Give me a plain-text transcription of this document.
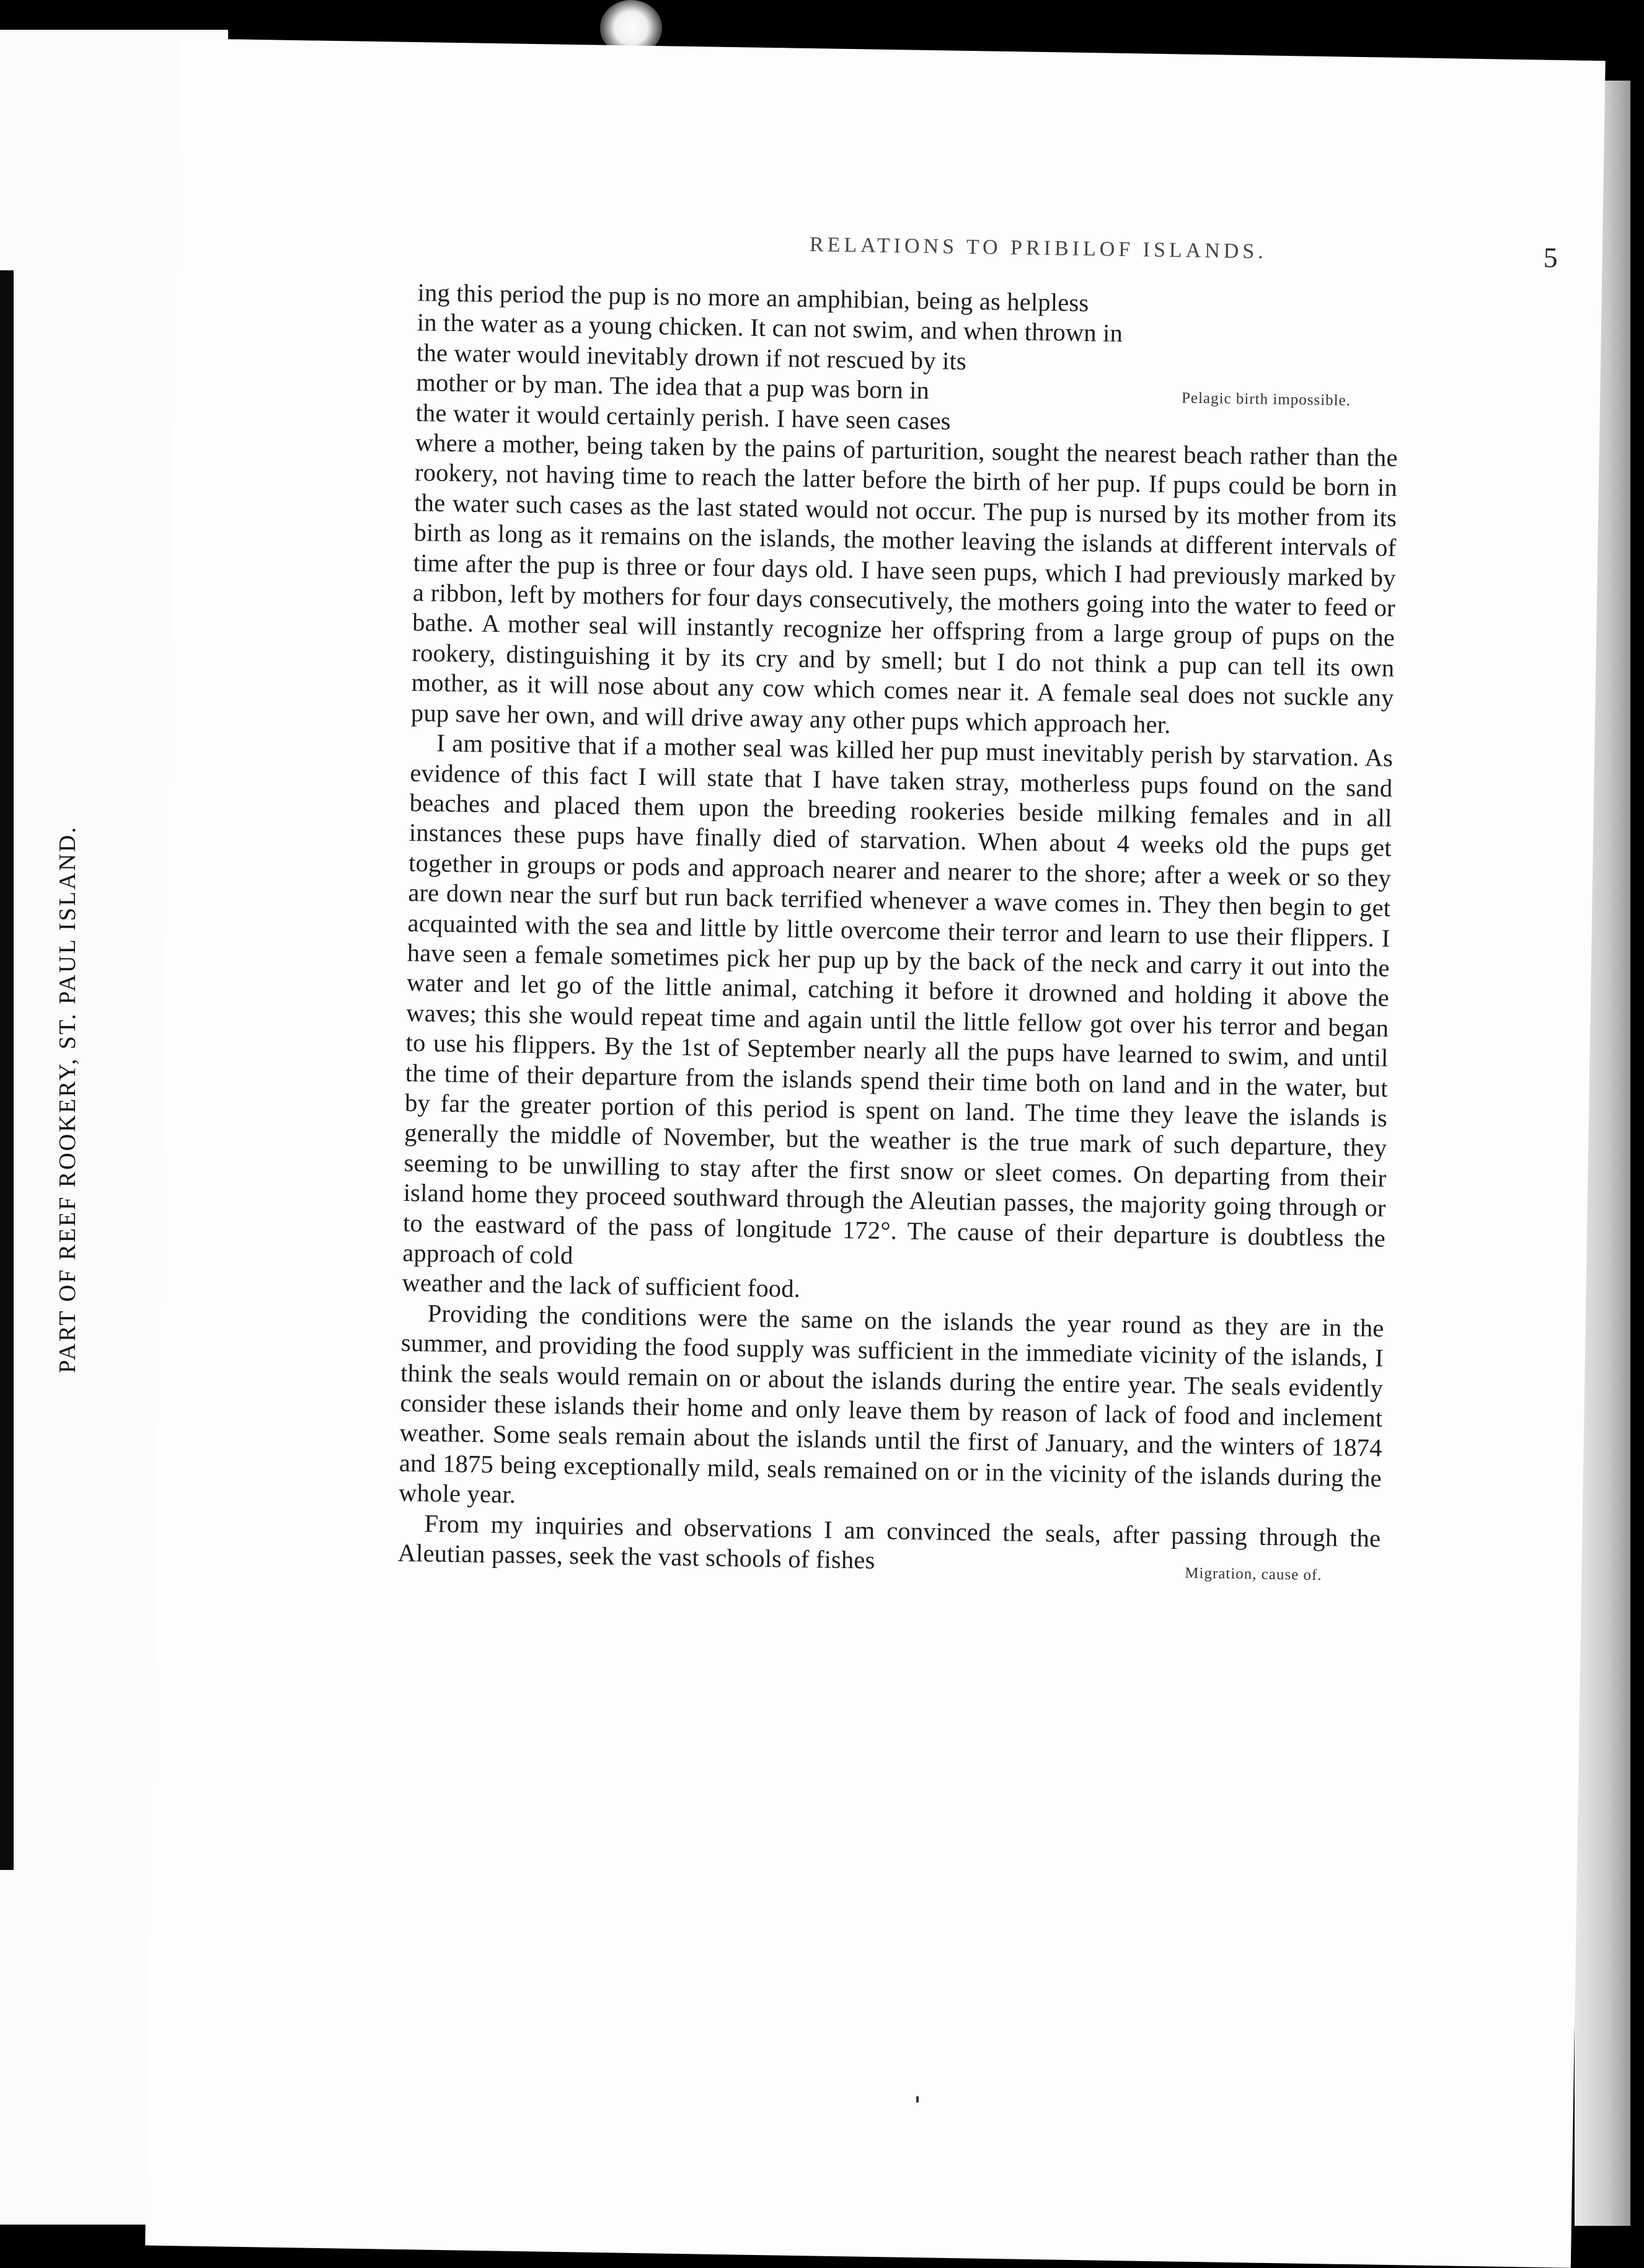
PART OF REEF ROOKERY, ST. PAUL ISLAND.
RELATIONS TO PRIBILOF ISLANDS.	5

ing this period the pup is no more an amphibian, being as helpless

in the water as a young chicken. It can not swim, and when thrown in

the water would inevitably drown if not rescued by its

mother or by man. The idea that a pup was born in

the water it would certainly perish. I have seen cases

where a mother, being taken by the pains of parturition, sought the nearest beach rather than the rookery, not having time to reach the latter before the birth of her pup. If pups could be born in the water such cases as the last stated would not occur. The pup is nursed by its mother from its birth as long as it remains on the islands, the mother leaving the islands at different intervals of time after the pup is three or four days old. I have seen pups, which I had previously marked by a ribbon, left by mothers for four days consecutively, the mothers going into the water to feed or bathe. A mother seal will instantly recognize her offspring from a large group of pups on the rookery, distinguishing it by its cry and by smell; but I do not think a pup can tell its own mother, as it will nose about any cow which comes near it. A female seal does not suckle any pup save her own, and will drive away any other pups which approach her.

I am positive that if a mother seal was killed her pup must inevitably perish by starvation. As evidence of this fact I will state that I have taken stray, motherless pups found on the sand beaches and placed them upon the breeding rookeries beside milking females and in all instances these pups have finally died of starvation. When about 4 weeks old the pups get together in groups or pods and approach nearer and nearer to the shore; after a week or so they are down near the surf but run back terrified whenever a wave comes in. They then begin to get acquainted with the sea and little by little overcome their terror and learn to use their flippers. I have seen a female sometimes pick her pup up by the back of the neck and carry it out into the water and let go of the little animal, catching it before it drowned and holding it above the waves; this she would repeat time and again until the little fellow got over his terror and began to use his flippers. By the 1st of September nearly all the pups have learned to swim, and until the time of their departure from the islands spend their time both on land and in the water, but by far the greater portion of this period is spent on land. The time they leave the islands is generally the middle of November, but the weather is the true mark of such departure, they seeming to be unwilling to stay after the first snow or sleet comes. On departing from their island home they proceed southward through the Aleutian passes, the majority going through or to the eastward of the pass of longitude 172°. The cause of their departure is doubtless the approach of cold

weather and the lack of sufficient food.

Providing the conditions were the same on the islands the year round as they are in the summer, and providing the food supply was sufficient in the immediate vicinity of the islands, I think the seals would remain on or about the islands during the entire year. The seals evidently consider these islands their home and only leave them by reason of lack of food and inclement weather. Some seals remain about the islands until the first of January, and the winters of 1874 and 1875 being exceptionally mild, seals remained on or in the vicinity of the islands during the whole year.

From my inquiries and observations I am convinced the seals, after passing through the Aleutian passes, seek the vast schools of fishes

Pelagic birth impossible.
Migration, cause of.
